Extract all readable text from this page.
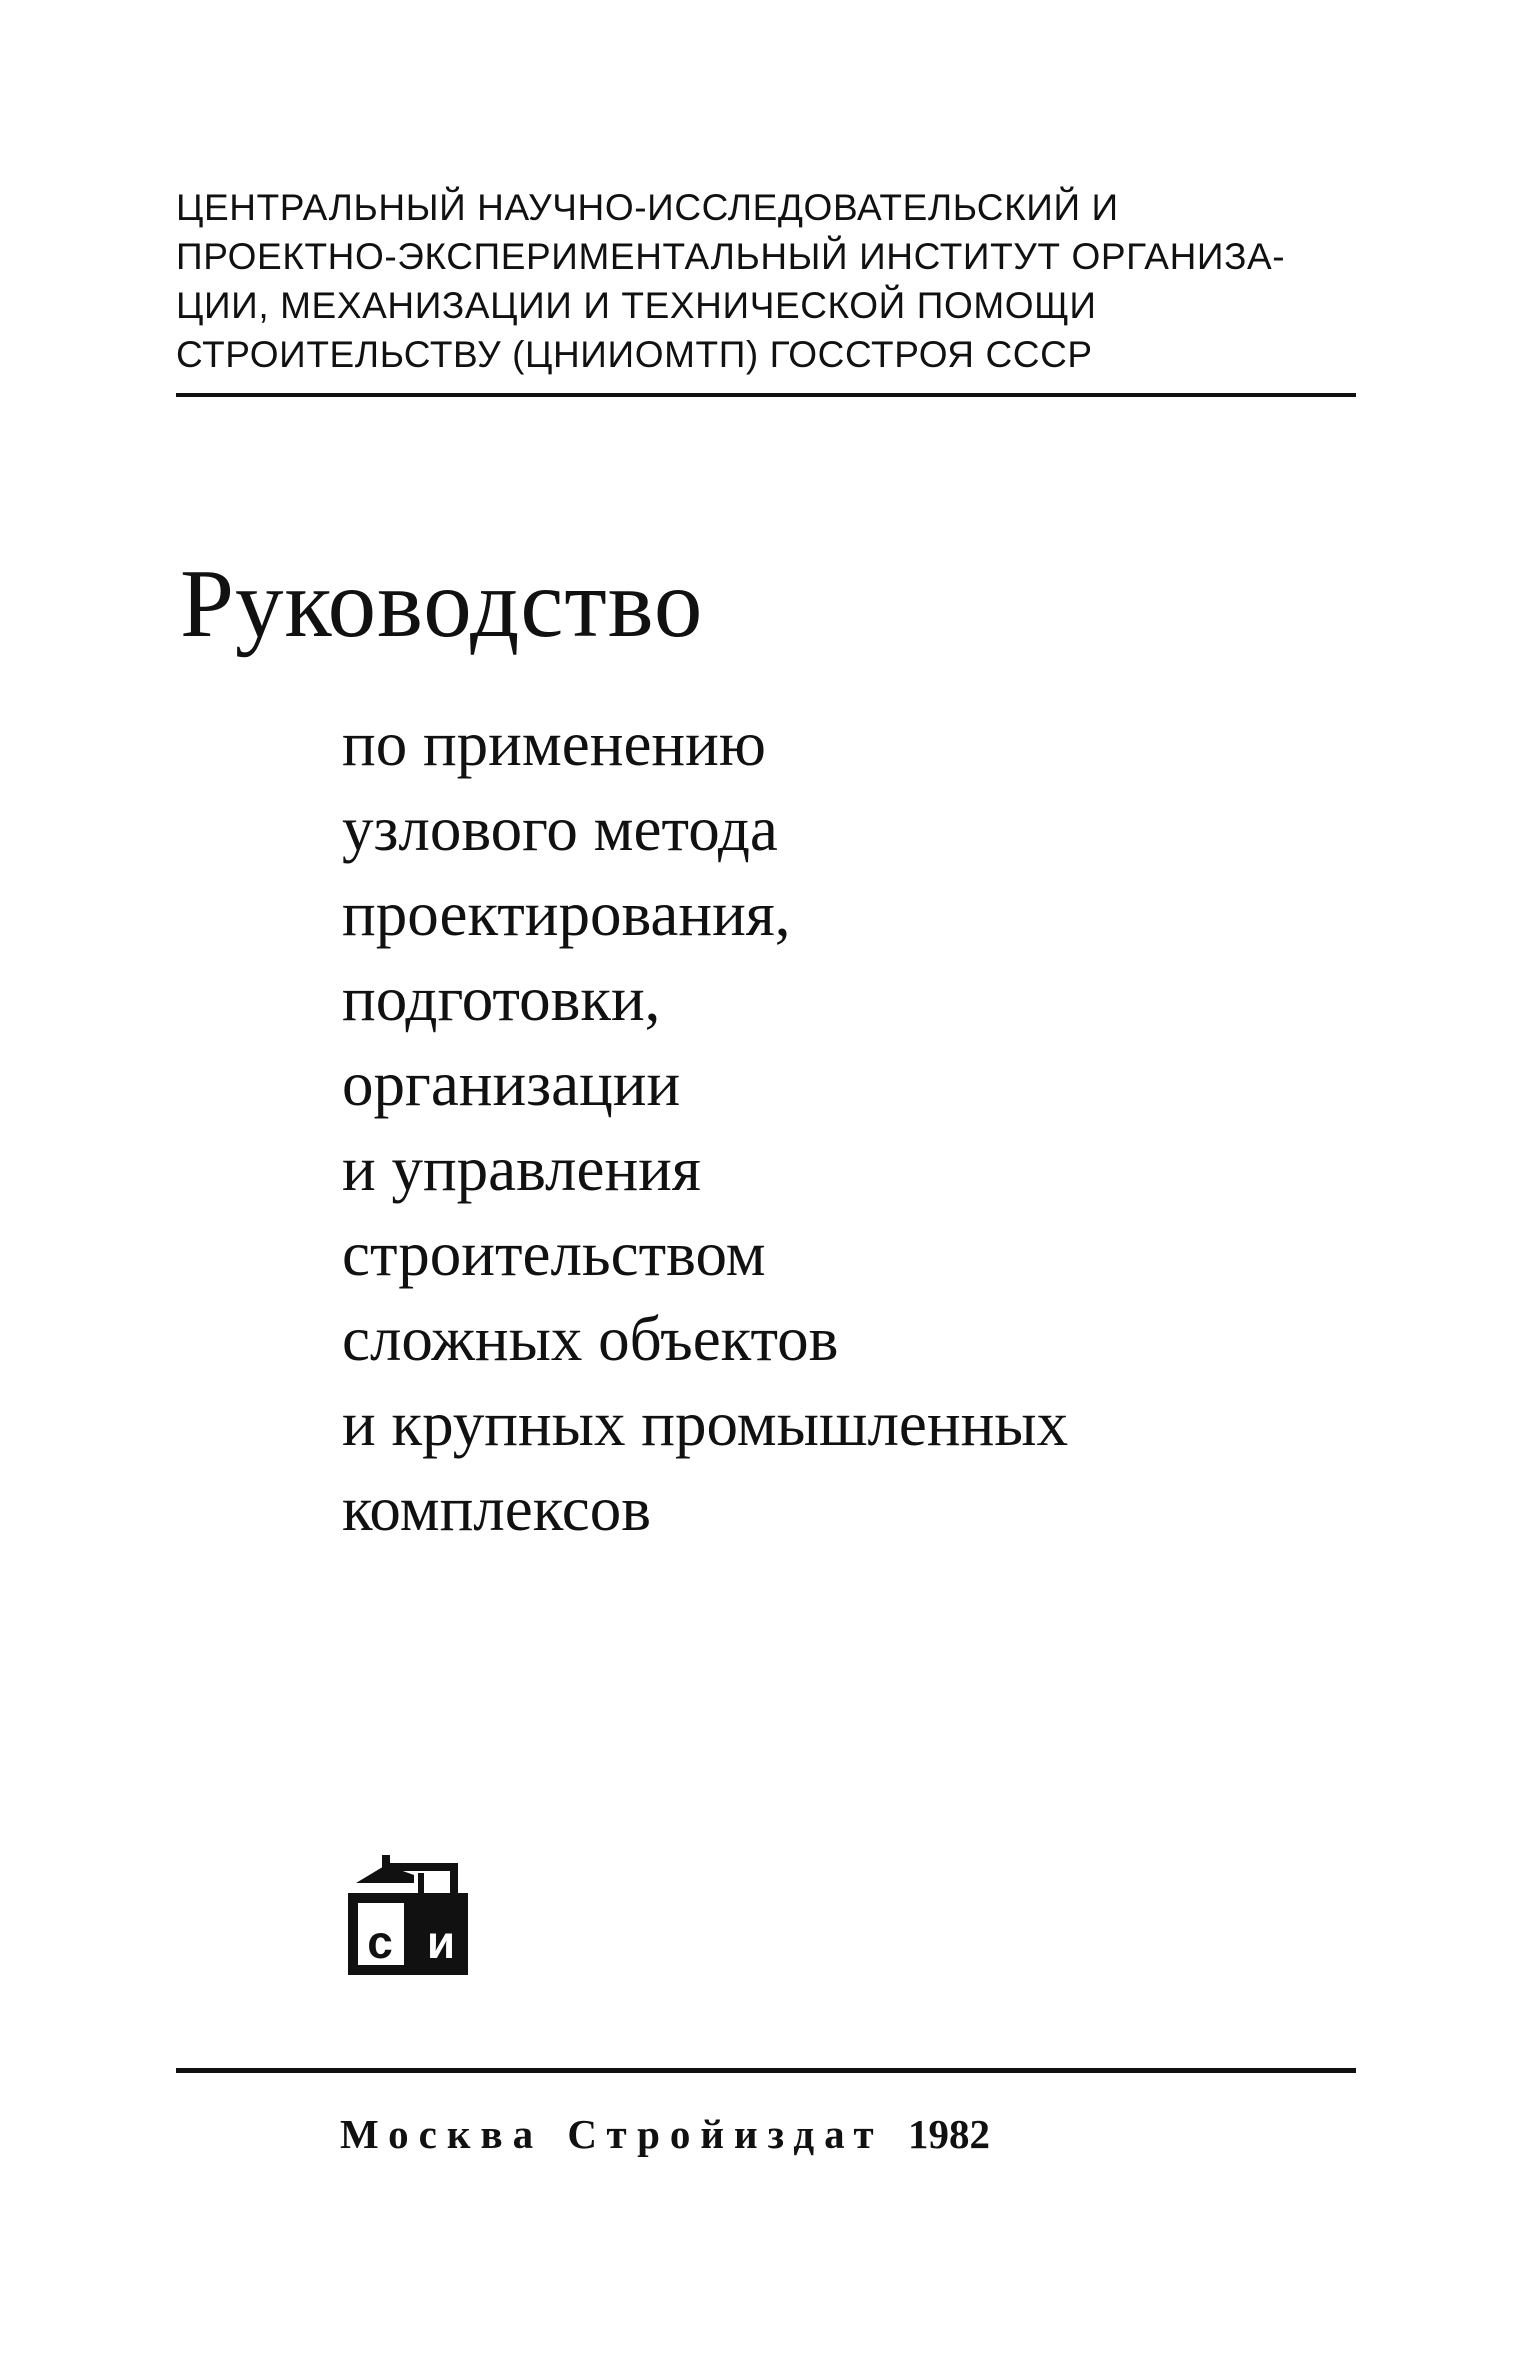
ЦЕНТРАЛЬНЫЙ НАУЧНО-ИССЛЕДОВАТЕЛЬСКИЙ И
ПРОЕКТНО-ЭКСПЕРИМЕНТАЛЬНЫЙ ИНСТИТУТ ОРГАНИЗА-
ЦИИ, МЕХАНИЗАЦИИ И ТЕХНИЧЕСКОЙ ПОМОЩИ
СТРОИТЕЛЬСТВУ (ЦНИИОМТП) ГОССТРОЯ СССР
Руководство
по применению
узлового метода
проектирования,
подготовки,
организации
и управления
строительством
сложных объектов
и крупных промышленных
комплексов
с и
Москва Стройиздат 1982
